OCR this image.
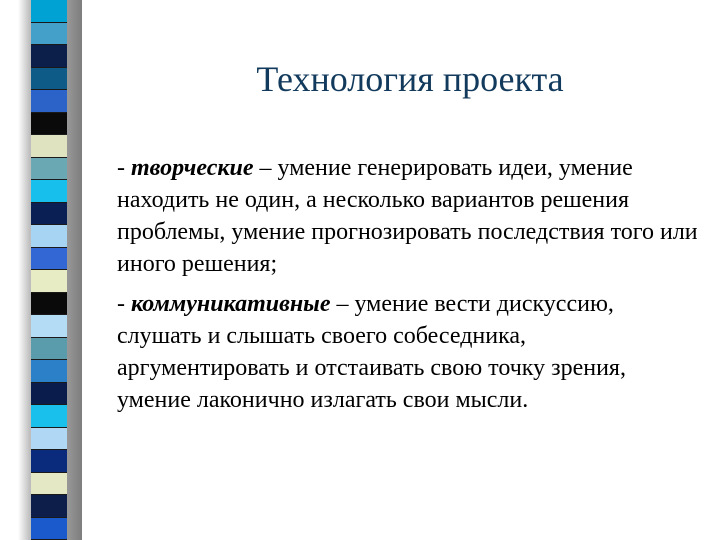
Технология проекта

- творческие – умение генерировать идеи, умение находить не один, а несколько вариантов решения проблемы, умение прогнозировать последствия того или иного решения;

- коммуникативные – умение вести дискуссию, слушать и слышать своего собеседника, аргументировать и отстаивать свою точку зрения, умение лаконично излагать свои мысли.
